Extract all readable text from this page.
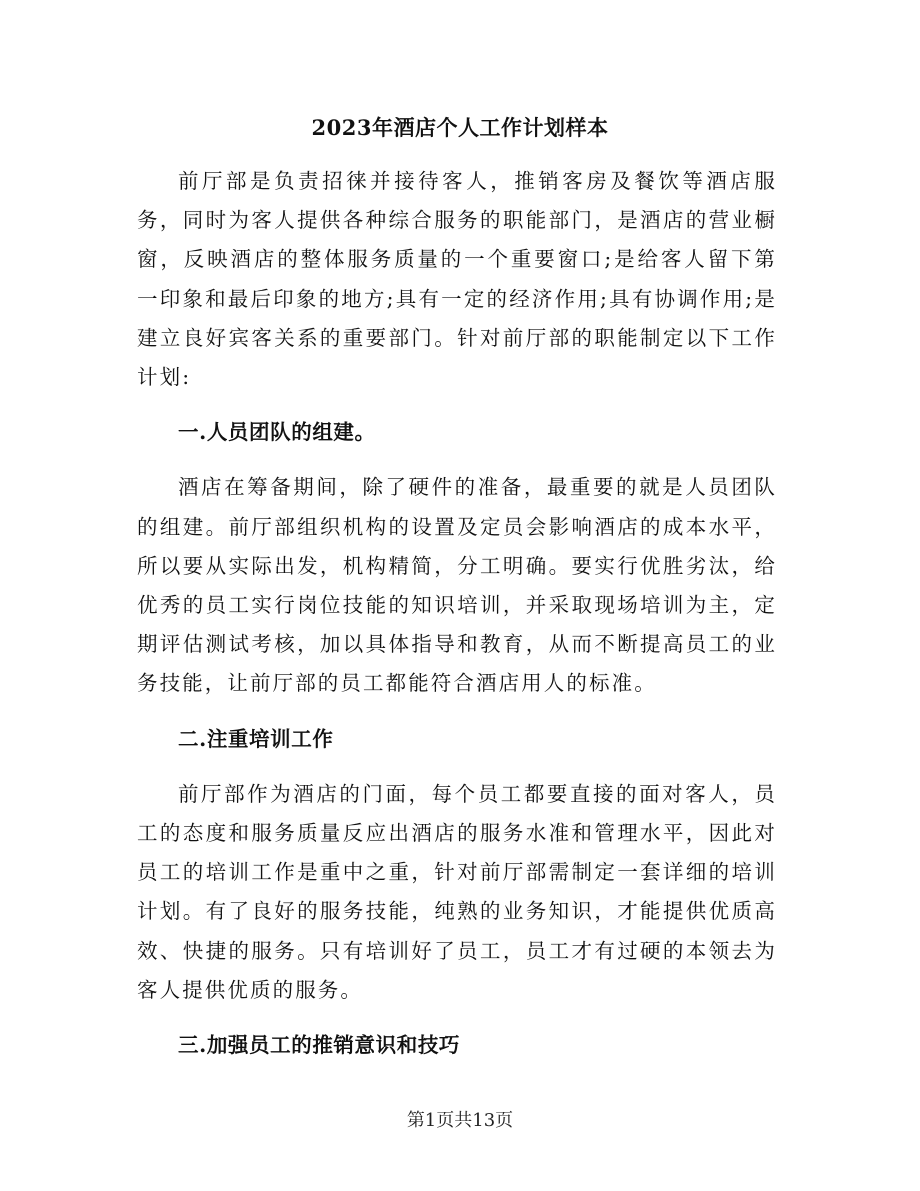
2023年酒店个人工作计划样本

前厅部是负责招徕并接待客人，推销客房及餐饮等酒店服务，同时为客人提供各种综合服务的职能部门，是酒店的营业橱窗，反映酒店的整体服务质量的一个重要窗口;是给客人留下第一印象和最后印象的地方;具有一定的经济作用;具有协调作用;是建立良好宾客关系的重要部门。针对前厅部的职能制定以下工作计划:

一.人员团队的组建。

酒店在筹备期间，除了硬件的准备，最重要的就是人员团队的组建。前厅部组织机构的设置及定员会影响酒店的成本水平，所以要从实际出发，机构精简，分工明确。要实行优胜劣汰，给优秀的员工实行岗位技能的知识培训，并采取现场培训为主，定期评估测试考核，加以具体指导和教育，从而不断提高员工的业务技能，让前厅部的员工都能符合酒店用人的标准。

二.注重培训工作

前厅部作为酒店的门面，每个员工都要直接的面对客人，员工的态度和服务质量反应出酒店的服务水准和管理水平，因此对员工的培训工作是重中之重，针对前厅部需制定一套详细的培训计划。有了良好的服务技能，纯熟的业务知识，才能提供优质高效、快捷的服务。只有培训好了员工，员工才有过硬的本领去为客人提供优质的服务。

三.加强员工的推销意识和技巧

第1页共13页
